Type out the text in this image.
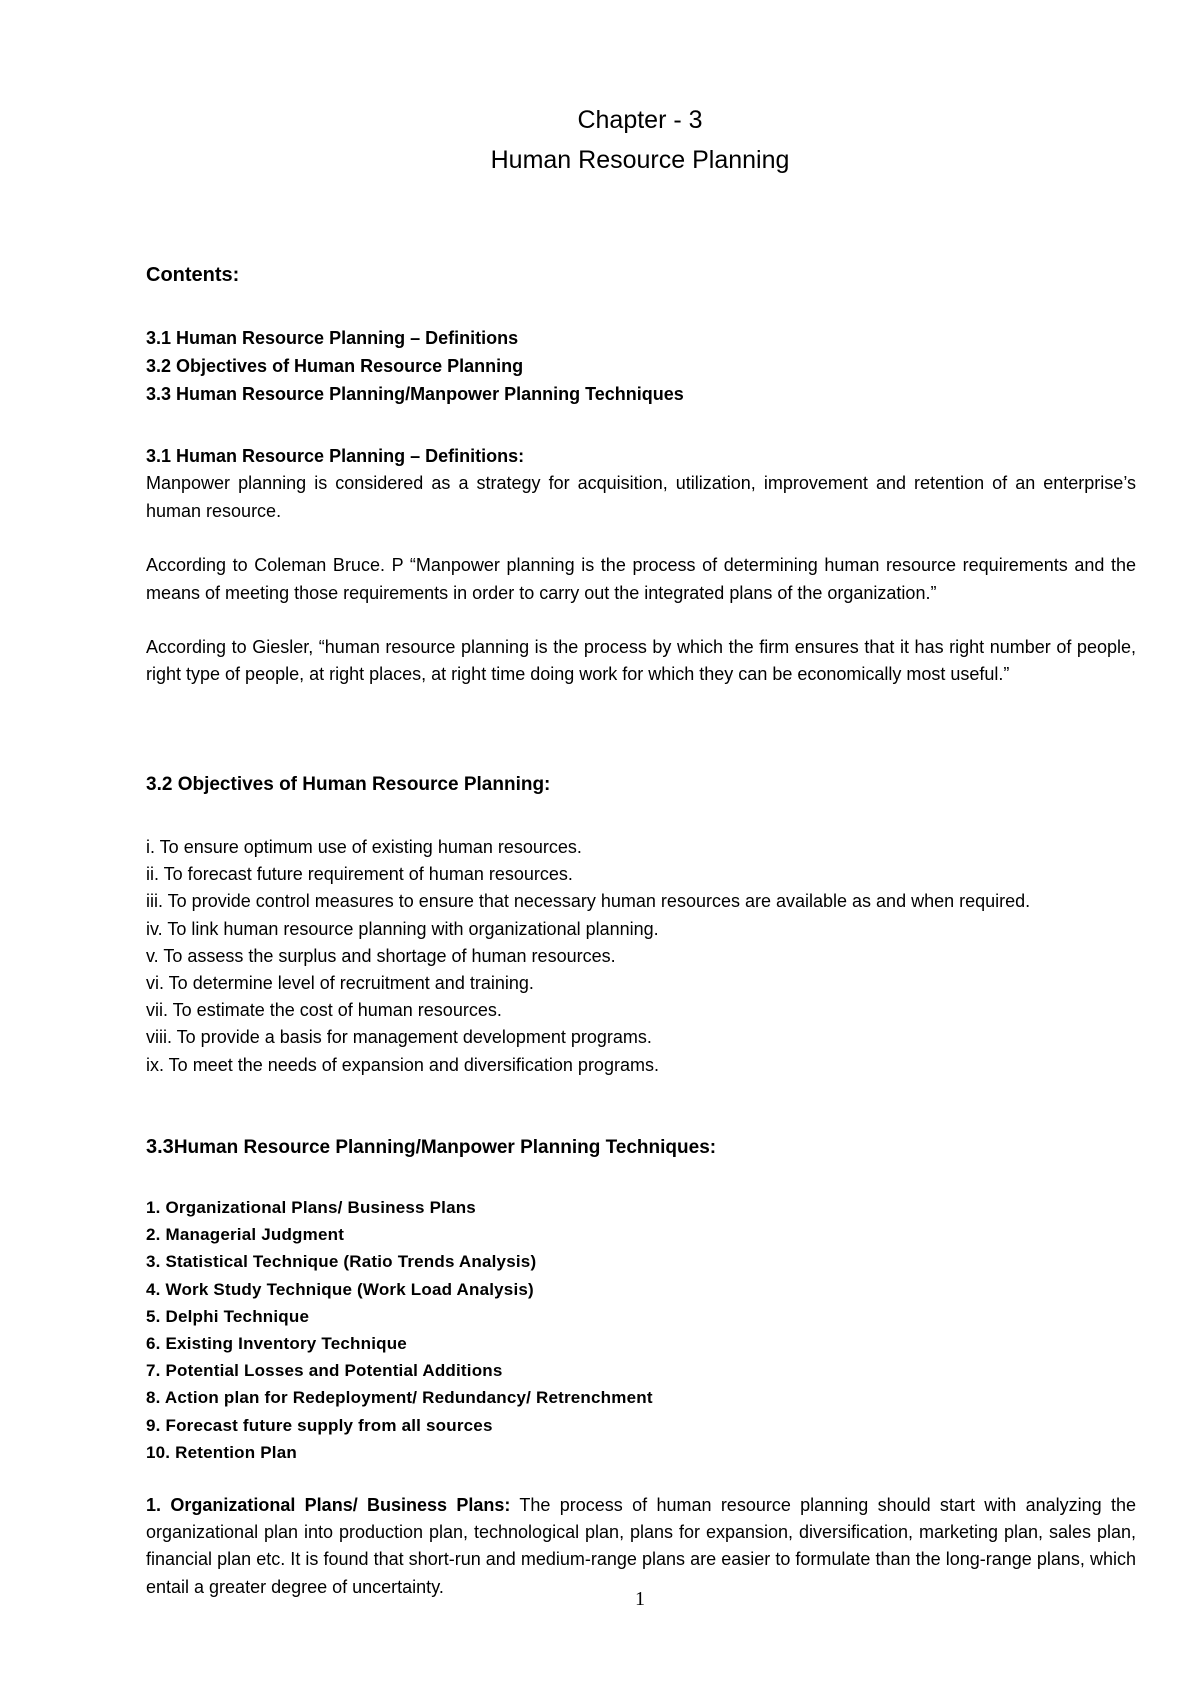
Chapter - 3
Human Resource Planning
Contents:
3.1 Human Resource Planning – Definitions
3.2 Objectives of Human Resource Planning
3.3 Human Resource Planning/Manpower Planning Techniques
3.1 Human Resource Planning – Definitions:

Manpower planning is considered as a strategy for acquisition, utilization, improvement and retention of an enterprise’s human resource.

According to Coleman Bruce. P “Manpower planning is the process of determining human resource requirements and the means of meeting those requirements in order to carry out the integrated plans of the organization.”

According to Giesler, “human resource planning is the process by which the firm ensures that it has right number of people, right type of people, at right places, at right time doing work for which they can be economically most useful.”

3.2 Objectives of Human Resource Planning:
i. To ensure optimum use of existing human resources.
ii. To forecast future requirement of human resources.
iii. To provide control measures to ensure that necessary human resources are available as and when required.
iv. To link human resource planning with organizational planning.
v. To assess the surplus and shortage of human resources.
vi. To determine level of recruitment and training.
vii. To estimate the cost of human resources.
viii. To provide a basis for management development programs.
ix. To meet the needs of expansion and diversification programs.
3.3Human Resource Planning/Manpower Planning Techniques:
1. Organizational Plans/ Business Plans
2. Managerial Judgment
3. Statistical Technique (Ratio Trends Analysis)
4. Work Study Technique (Work Load Analysis)
5. Delphi Technique
6. Existing Inventory Technique
7. Potential Losses and Potential Additions
8. Action plan for Redeployment/ Redundancy/ Retrenchment
9. Forecast future supply from all sources
10. Retention Plan

1. Organizational Plans/ Business Plans: The process of human resource planning should start with analyzing the organizational plan into production plan, technological plan, plans for expansion, diversification, marketing plan, sales plan, financial plan etc. It is found that short-run and medium-range plans are easier to formulate than the long-range plans, which entail a greater degree of uncertainty.

1
